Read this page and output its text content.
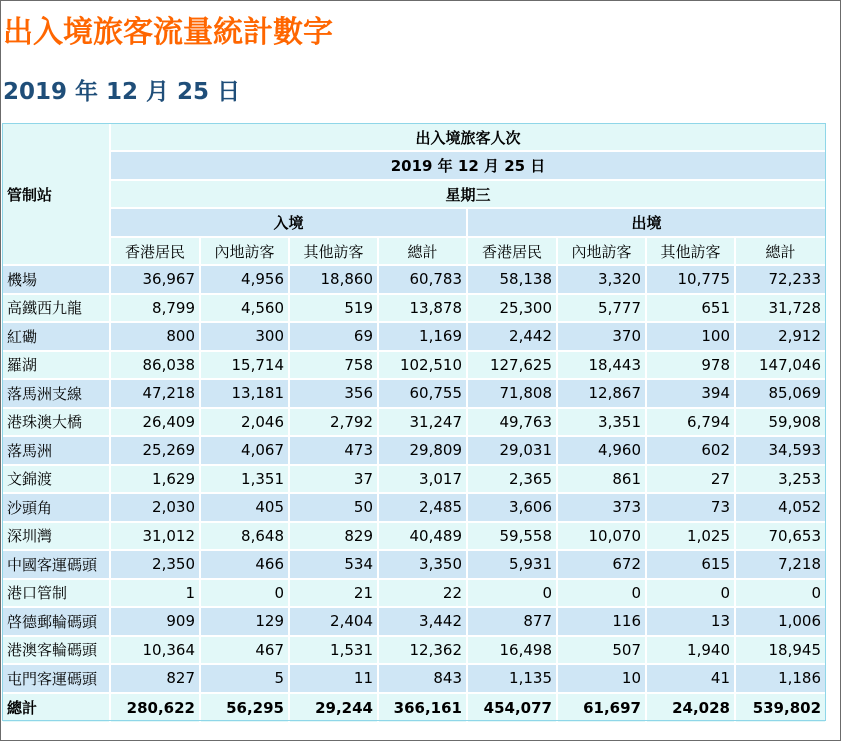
出入境旅客流量統計數字
2019 年 12 月 25 日
管制站	出入境旅客人次							
	2019 年 12 月 25 日							
	星期三							
	入境				出境			
	香港居民	內地訪客	其他訪客	總計	香港居民	內地訪客	其他訪客	總計
機場	36,967	4,956	18,860	60,783	58,138	3,320	10,775	72,233
高鐵西九龍	8,799	4,560	519	13,878	25,300	5,777	651	31,728
紅磡	800	300	69	1,169	2,442	370	100	2,912
羅湖	86,038	15,714	758	102,510	127,625	18,443	978	147,046
落馬洲支線	47,218	13,181	356	60,755	71,808	12,867	394	85,069
港珠澳大橋	26,409	2,046	2,792	31,247	49,763	3,351	6,794	59,908
落馬洲	25,269	4,067	473	29,809	29,031	4,960	602	34,593
文錦渡	1,629	1,351	37	3,017	2,365	861	27	3,253
沙頭角	2,030	405	50	2,485	3,606	373	73	4,052
深圳灣	31,012	8,648	829	40,489	59,558	10,070	1,025	70,653
中國客運碼頭	2,350	466	534	3,350	5,931	672	615	7,218
港口管制	1	0	21	22	0	0	0	0
啓德郵輪碼頭	909	129	2,404	3,442	877	116	13	1,006
港澳客輪碼頭	10,364	467	1,531	12,362	16,498	507	1,940	18,945
屯門客運碼頭	827	5	11	843	1,135	10	41	1,186
總計	280,622	56,295	29,244	366,161	454,077	61,697	24,028	539,802
